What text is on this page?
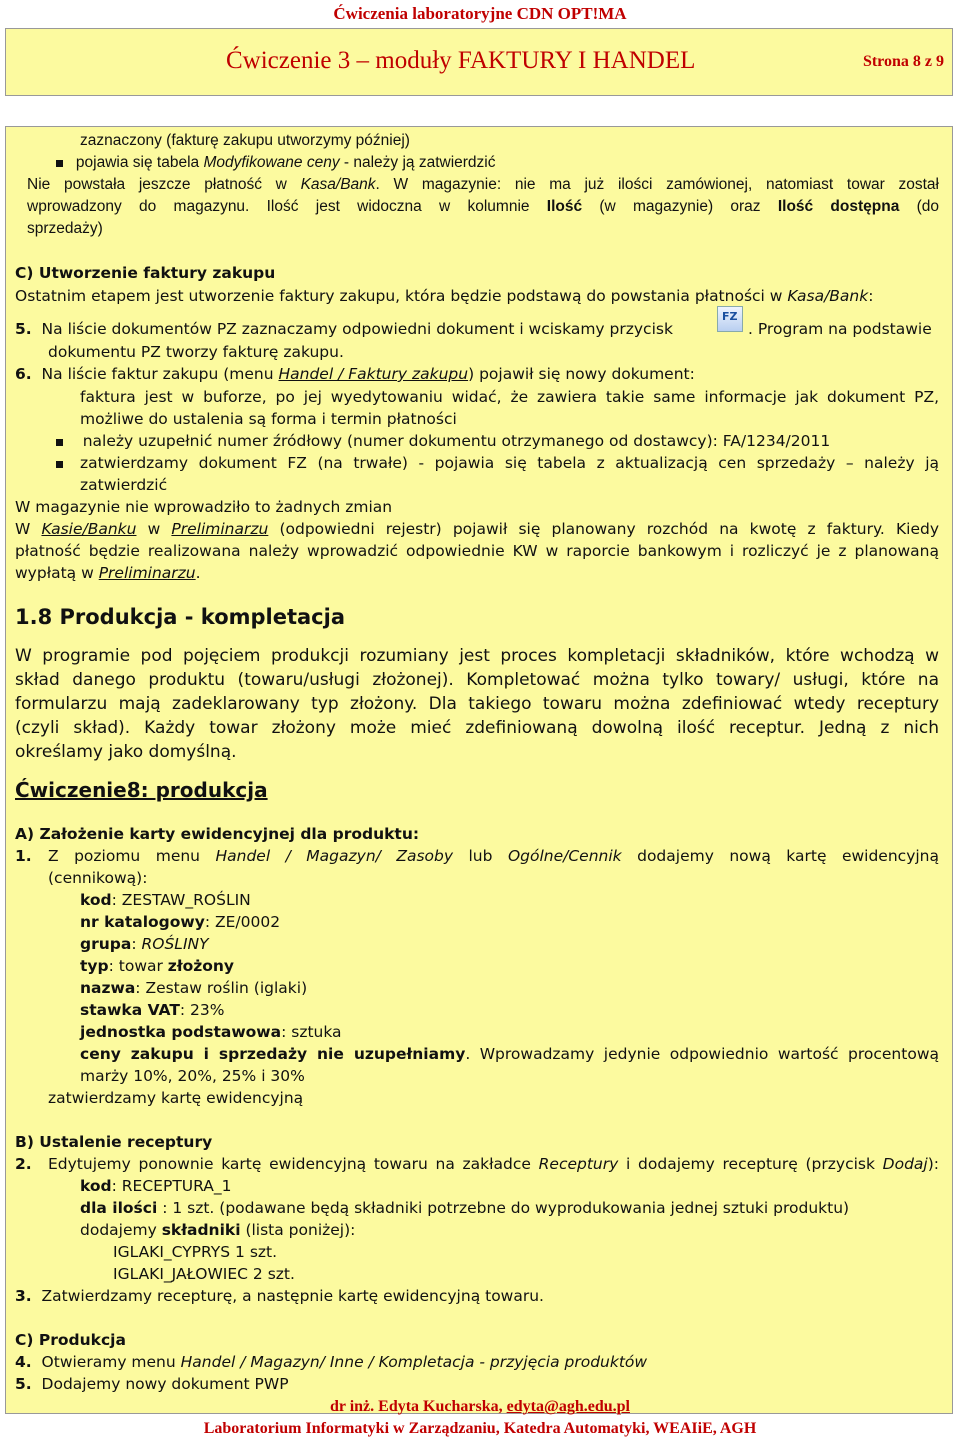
Ćwiczenia laboratoryjne CDN OPT!MA
Ćwiczenie 3 – moduły FAKTURY I HANDEL	Strona 8 z 9
zaznaczony (fakturę zakupu utworzymy później)
pojawia się tabela Modyfikowane ceny - należy ją zatwierdzić
Nie powstała jeszcze płatność w Kasa/Bank. W magazynie: nie ma już ilości zamówionej, natomiast towar został
wprowadzony do magazynu. Ilość jest widoczna w kolumnie Ilość (w magazynie) oraz Ilość dostępna (do
sprzedaży)
C) Utworzenie faktury zakupu
Ostatnim etapem jest utworzenie faktury zakupu, która będzie podstawą do powstania płatności w Kasa/Bank:
5. Na liście dokumentów PZ zaznaczamy odpowiedni dokument i wciskamy przycisk
FZ
. Program na podstawie
dokumentu PZ tworzy fakturę zakupu.
6. Na liście faktur zakupu (menu Handel / Faktury zakupu) pojawił się nowy dokument:
faktura jest w buforze, po jej wyedytowaniu widać, że zawiera takie same informacje jak dokument PZ,
możliwe do ustalenia są forma i termin płatności
należy uzupełnić numer źródłowy (numer dokumentu otrzymanego od dostawcy): FA/1234/2011
zatwierdzamy dokument FZ (na trwałe) - pojawia się tabela z aktualizacją cen sprzedaży – należy ją
zatwierdzić
W magazynie nie wprowadziło to żadnych zmian
W Kasie/Banku w Preliminarzu (odpowiedni rejestr) pojawił się planowany rozchód na kwotę z faktury. Kiedy
płatność będzie realizowana należy wprowadzić odpowiednie KW w raporcie bankowym i rozliczyć je z planowaną
wypłatą w Preliminarzu.
1.8 Produkcja - kompletacja
W programie pod pojęciem produkcji rozumiany jest proces kompletacji składników, które wchodzą w
skład danego produktu (towaru/usługi złożonej). Kompletować można tylko towary/ usługi, które na
formularzu mają zadeklarowany typ złożony. Dla takiego towaru można zdefiniować wtedy receptury
(czyli skład). Każdy towar złożony może mieć zdefiniowaną dowolną ilość receptur. Jedną z nich
określamy jako domyślną.
Ćwiczenie8: produkcja
A) Założenie karty ewidencyjnej dla produktu:
1.	Z poziomu menu Handel / Magazyn/ Zasoby lub Ogólne/Cennik dodajemy nową kartę ewidencyjną
(cennikową):
kod: ZESTAW_ROŚLIN
nr katalogowy: ZE/0002
grupa: ROŚLINY
typ: towar złożony
nazwa: Zestaw roślin (iglaki)
stawka VAT: 23%
jednostka podstawowa: sztuka
ceny zakupu i sprzedaży nie uzupełniamy. Wprowadzamy jedynie odpowiednio wartość procentową
marży 10%, 20%, 25% i 30%
zatwierdzamy kartę ewidencyjną
B) Ustalenie receptury
2. Edytujemy ponownie kartę ewidencyjną towaru na zakładce Receptury i dodajemy recepturę (przycisk Dodaj):
kod: RECEPTURA_1
dla ilości : 1 szt. (podawane będą składniki potrzebne do wyprodukowania jednej sztuki produktu)
dodajemy składniki (lista poniżej):
IGLAKI_CYPRYS 1 szt.
IGLAKI_JAŁOWIEC 2 szt.
3. Zatwierdzamy recepturę, a następnie kartę ewidencyjną towaru.
C) Produkcja
4. Otwieramy menu Handel / Magazyn/ Inne / Kompletacja - przyjęcia produktów
5. Dodajemy nowy dokument PWP
dr inż. Edyta Kucharska, edyta@agh.edu.pl
Laboratorium Informatyki w Zarządzaniu, Katedra Automatyki, WEAIiE, AGH
